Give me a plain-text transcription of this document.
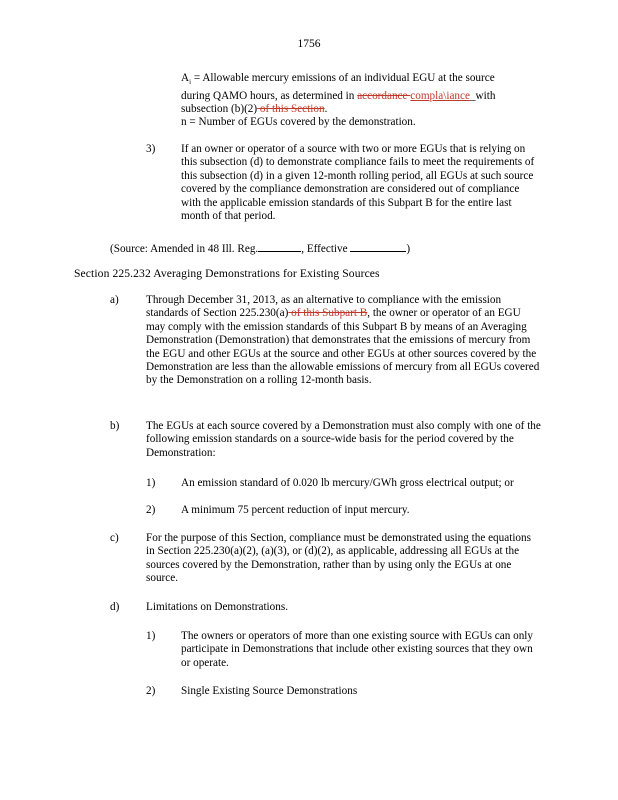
1756
$A_i$ = Allowable mercury emissions of an individual EGU at the source during QAMO hours, as determined in accordance compla\iance_with subsection (b)(2) of this Section.
n = Number of EGUs covered by the demonstration.
3) If an owner or operator of a source with two or more EGUs that is relying on this subsection (d) to demonstrate compliance fails to meet the requirements of this subsection (d) in a given 12-month rolling period, all EGUs at such source covered by the compliance demonstration are considered out of compliance with the applicable emission standards of this Subpart B for the entire last month of that period.
(Source: Amended in 48 Ill. Reg.	, Effective	)
Section 225.232 Averaging Demonstrations for Existing Sources
a) Through December 31, 2013, as an alternative to compliance with the emission standards of Section 225.230(a) of this Subpart B, the owner or operator of an EGU may comply with the emission standards of this Subpart B by means of an Averaging Demonstration (Demonstration) that demonstrates that the emissions of mercury from the EGU and other EGUs at the source and other EGUs at other sources covered by the Demonstration are less than the allowable emissions of mercury from all EGUs covered by the Demonstration on a rolling 12-month basis.
b) The EGUs at each source covered by a Demonstration must also comply with one of the following emission standards on a source-wide basis for the period covered by the Demonstration:
1) An emission standard of 0.020 lb mercury/GWh gross electrical output; or
2) A minimum 75 percent reduction of input mercury.
c) For the purpose of this Section, compliance must be demonstrated using the equations in Section 225.230(a)(2), (a)(3), or (d)(2), as applicable, addressing all EGUs at the sources covered by the Demonstration, rather than by using only the EGUs at one source.
d) Limitations on Demonstrations.
1) The owners or operators of more than one existing source with EGUs can only participate in Demonstrations that include other existing sources that they own or operate.
2) Single Existing Source Demonstrations
